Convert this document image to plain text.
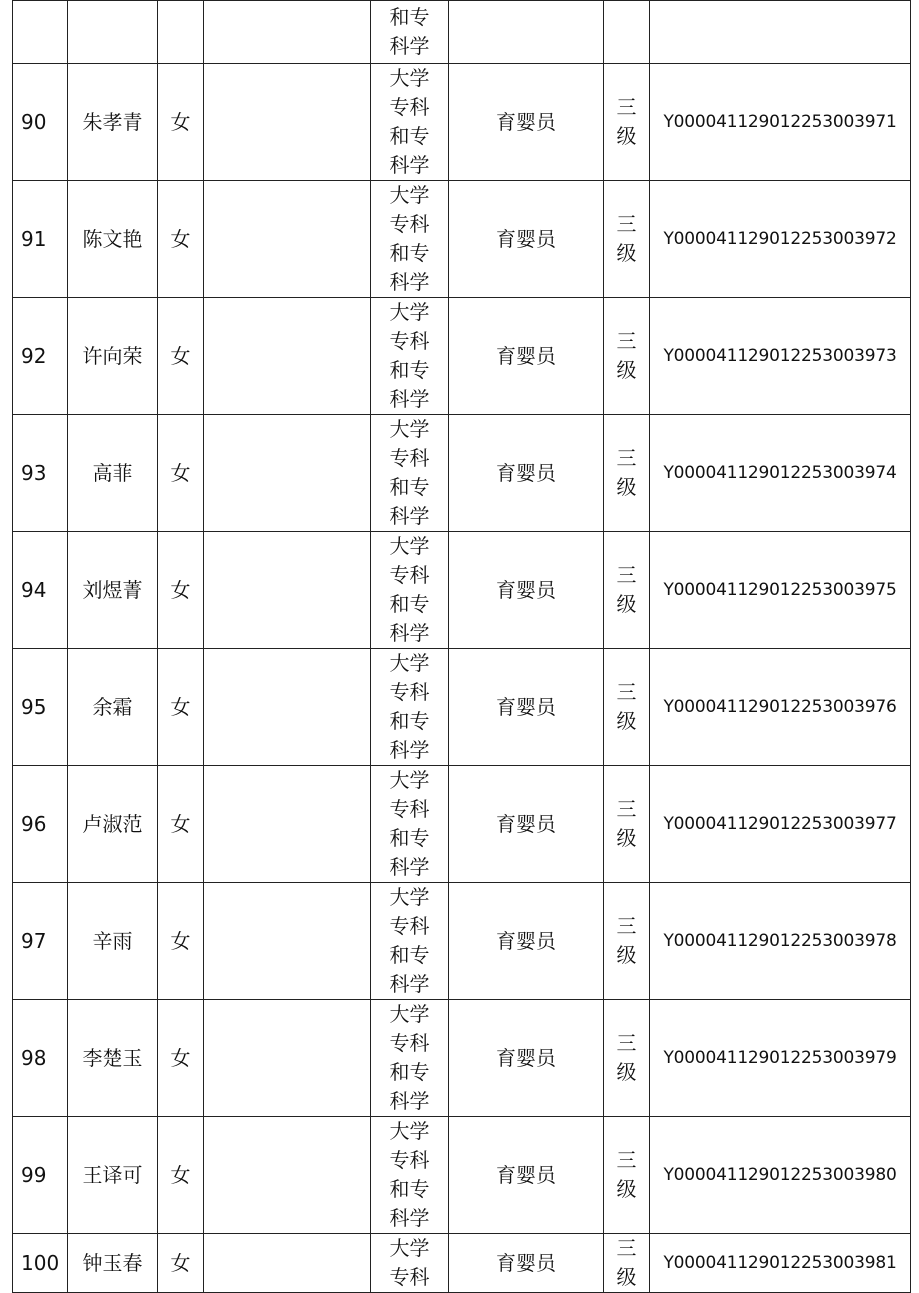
				和专
科学			

90	朱孝青	女		大学
专科
和专
科学	育婴员	三
级	Y000041129012253003971

91	陈文艳	女		大学
专科
和专
科学	育婴员	三
级	Y000041129012253003972

92	许向荣	女		大学
专科
和专
科学	育婴员	三
级	Y000041129012253003973

93	高菲	女		大学
专科
和专
科学	育婴员	三
级	Y000041129012253003974

94	刘煜菁	女		大学
专科
和专
科学	育婴员	三
级	Y000041129012253003975

95	余霜	女		大学
专科
和专
科学	育婴员	三
级	Y000041129012253003976

96	卢淑范	女		大学
专科
和专
科学	育婴员	三
级	Y000041129012253003977

97	辛雨	女		大学
专科
和专
科学	育婴员	三
级	Y000041129012253003978

98	李楚玉	女		大学
专科
和专
科学	育婴员	三
级	Y000041129012253003979

99	王译可	女		大学
专科
和专
科学	育婴员	三
级	Y000041129012253003980

100	钟玉春	女		大学
专科	育婴员	三
级	Y000041129012253003981
